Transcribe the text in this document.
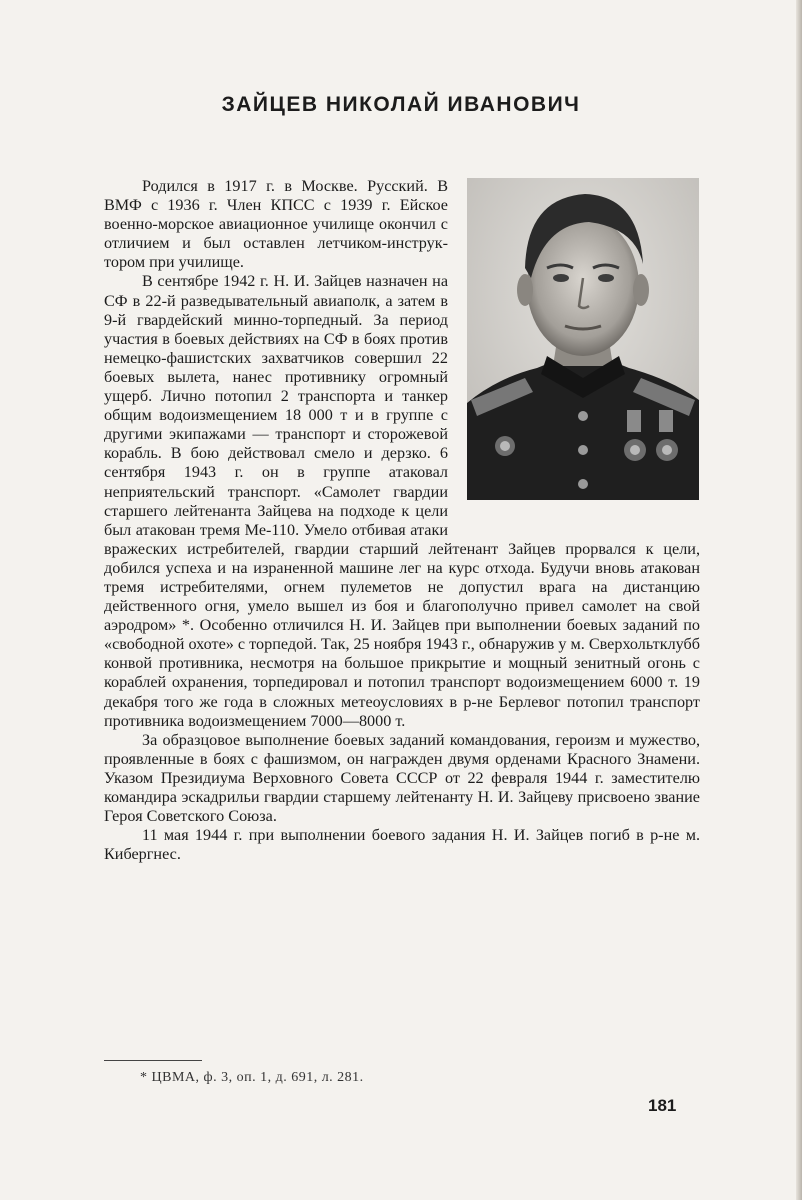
ЗАЙЦЕВ НИКОЛАЙ ИВАНОВИЧ

Родился в 1917 г. в Москве. Русский. В ВМФ с 1936 г. Член КПСС с 1939 г. Ейское военно-морское авиационное училище окончил с отличием и был оставлен летчиком-инструктором при училище.

В сентябре 1942 г. Н. И. Зайцев назначен на СФ в 22-й разведывательный авиаполк, а затем в 9-й гвардейский минно-торпедный. За период участия в боевых действиях на СФ в боях против немецко-фашистских захватчиков совершил 22 боевых вылета, нанес противнику огромный ущерб. Лично потопил 2 транспорта и танкер общим водоизмещением 18 000 т и в группе с другими экипажами — транспорт и сторожевой корабль. В бою действовал смело и дерзко. 6 сентября 1943 г. он в группе атаковал неприятельский транспорт. «Самолет гвардии старшего лейтенанта Зайцева на подходе к цели был атакован тремя Ме-110. Умело отбивая атаки вражеских истребителей, гвардии старший лейтенант Зайцев прорвался к цели, добился успеха и на израненной машине лег на курс отхода. Будучи вновь атакован тремя истребителями, огнем пулеметов не допустил врага на дистанцию действенного огня, умело вышел из боя и благополучно привел самолет на свой аэродром» *. Особенно отличился Н. И. Зайцев при выполнении боевых заданий по «свободной охоте» с торпедой. Так, 25 ноября 1943 г., обнаружив у м. Сверхольтклубб конвой противника, несмотря на большое прикрытие и мощный зенитный огонь с кораблей охранения, торпедировал и потопил транспорт водоизмещением 6000 т. 19 декабря того же года в сложных метеоусловиях в р-не Берлевог потопил транспорт противника водоизмещением 7000—8000 т.

За образцовое выполнение боевых заданий командования, героизм и мужество, проявленные в боях с фашизмом, он награжден двумя орденами Красного Знамени. Указом Президиума Верховного Совета СССР от 22 февраля 1944 г. заместителю командира эскадрильи гвардии старшему лейтенанту Н. И. Зайцеву присвоено звание Героя Советского Союза.

11 мая 1944 г. при выполнении боевого задания Н. И. Зайцев погиб в р-не м. Кибергнес.

* ЦВМА, ф. 3, оп. 1, д. 691, л. 281.
181
